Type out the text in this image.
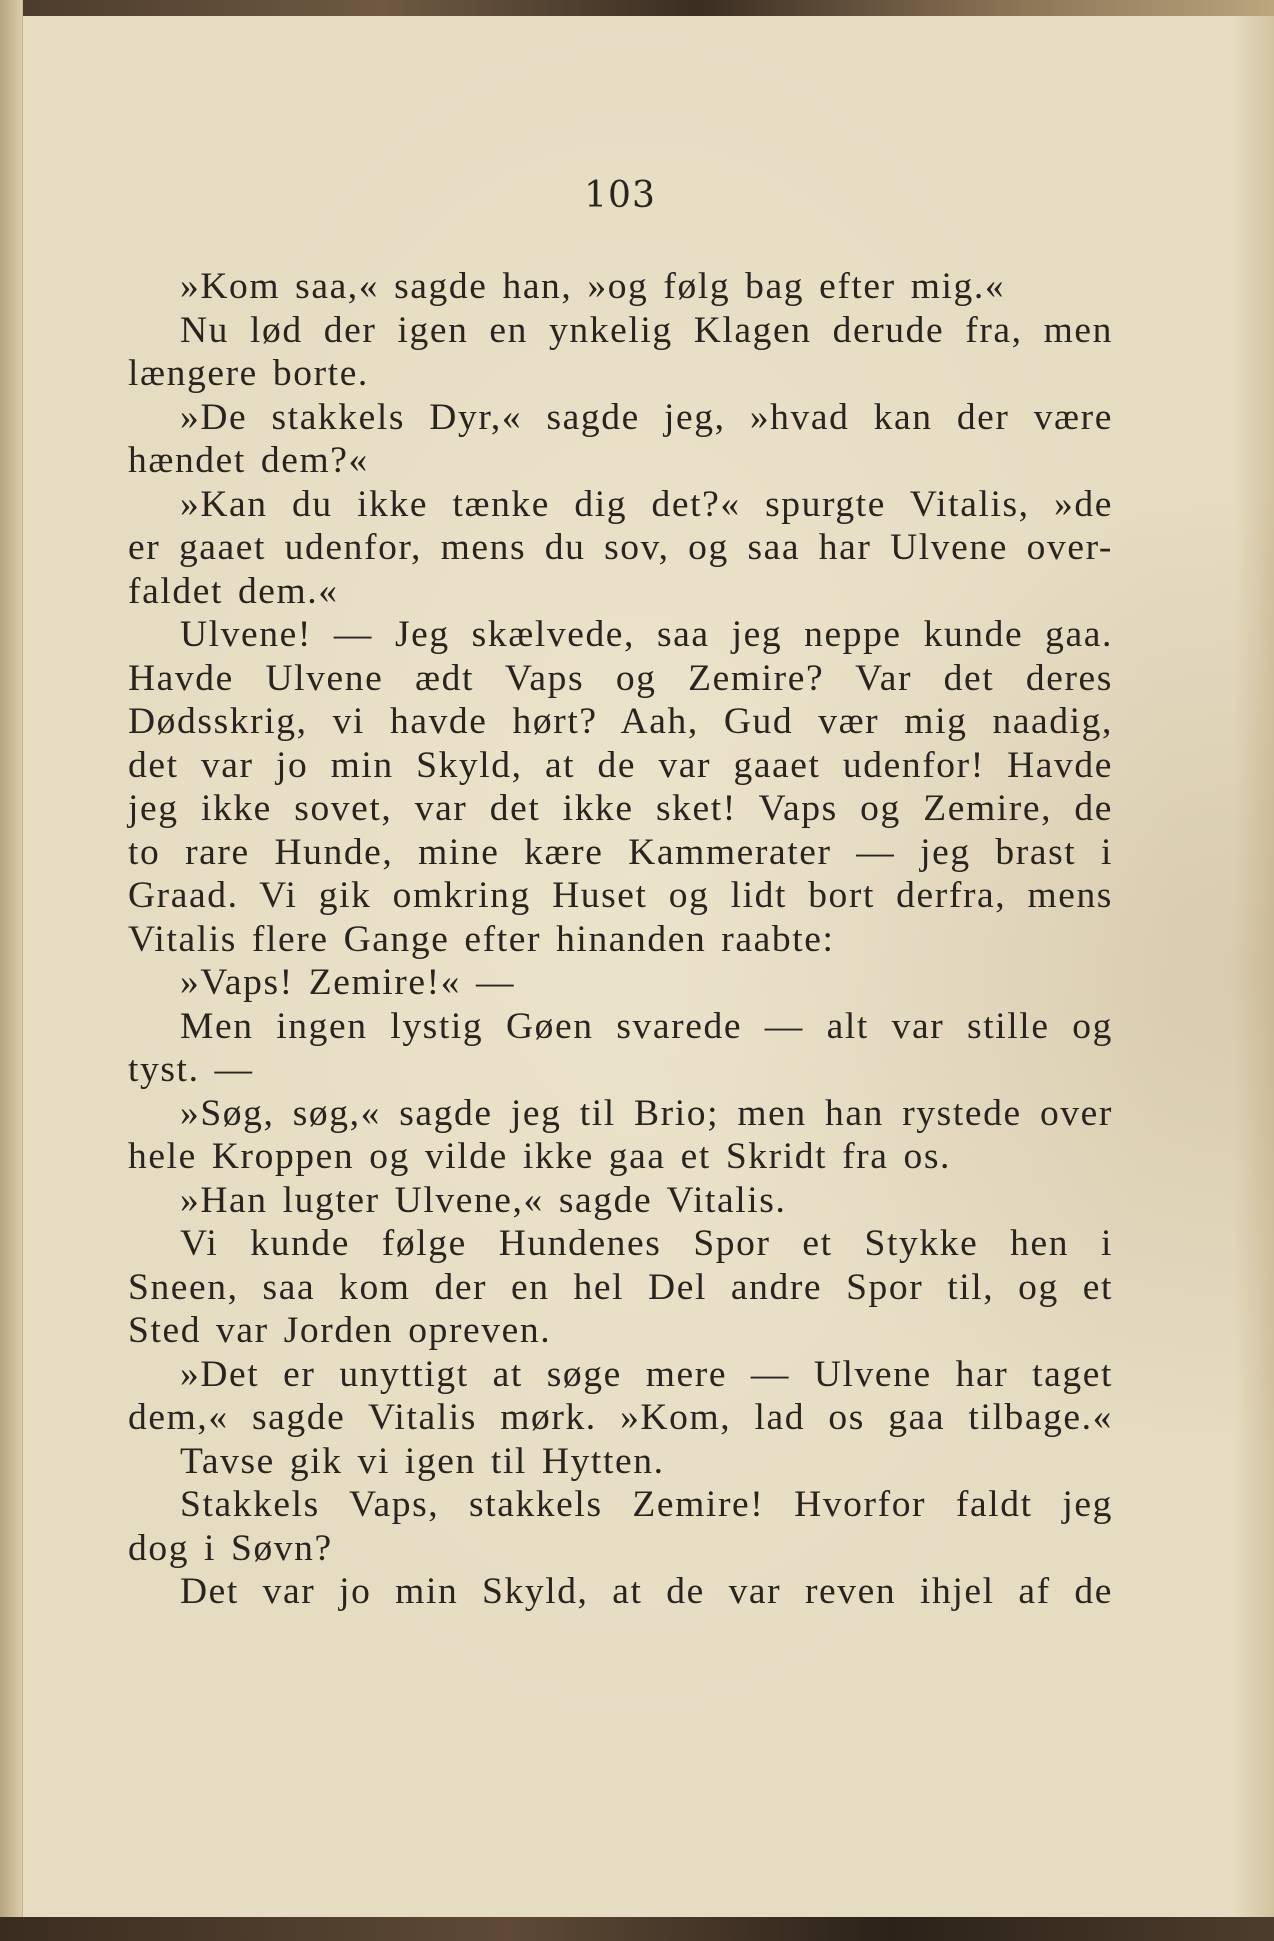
103
»Kom saa,« sagde han, »og følg bag efter mig.«
Nu lød der igen en ynkelig Klagen derude fra, men
længere borte.
»De stakkels Dyr,« sagde jeg, »hvad kan der være
hændet dem?«
»Kan du ikke tænke dig det?« spurgte Vitalis, »de
er gaaet udenfor, mens du sov, og saa har Ulvene over-
faldet dem.«
Ulvene! — Jeg skælvede, saa jeg neppe kunde gaa.
Havde Ulvene ædt Vaps og Zemire? Var det deres
Dødsskrig, vi havde hørt? Aah, Gud vær mig naadig,
det var jo min Skyld, at de var gaaet udenfor! Havde
jeg ikke sovet, var det ikke sket! Vaps og Zemire, de
to rare Hunde, mine kære Kammerater — jeg brast i
Graad. Vi gik omkring Huset og lidt bort derfra, mens
Vitalis flere Gange efter hinanden raabte:
»Vaps! Zemire!« —
Men ingen lystig Gøen svarede — alt var stille og
tyst. —
»Søg, søg,« sagde jeg til Brio; men han rystede over
hele Kroppen og vilde ikke gaa et Skridt fra os.
»Han lugter Ulvene,« sagde Vitalis.
Vi kunde følge Hundenes Spor et Stykke hen i
Sneen, saa kom der en hel Del andre Spor til, og et
Sted var Jorden opreven.
»Det er unyttigt at søge mere — Ulvene har taget
dem,« sagde Vitalis mørk. »Kom, lad os gaa tilbage.«
Tavse gik vi igen til Hytten.
Stakkels Vaps, stakkels Zemire! Hvorfor faldt jeg
dog i Søvn?
Det var jo min Skyld, at de var reven ihjel af de
